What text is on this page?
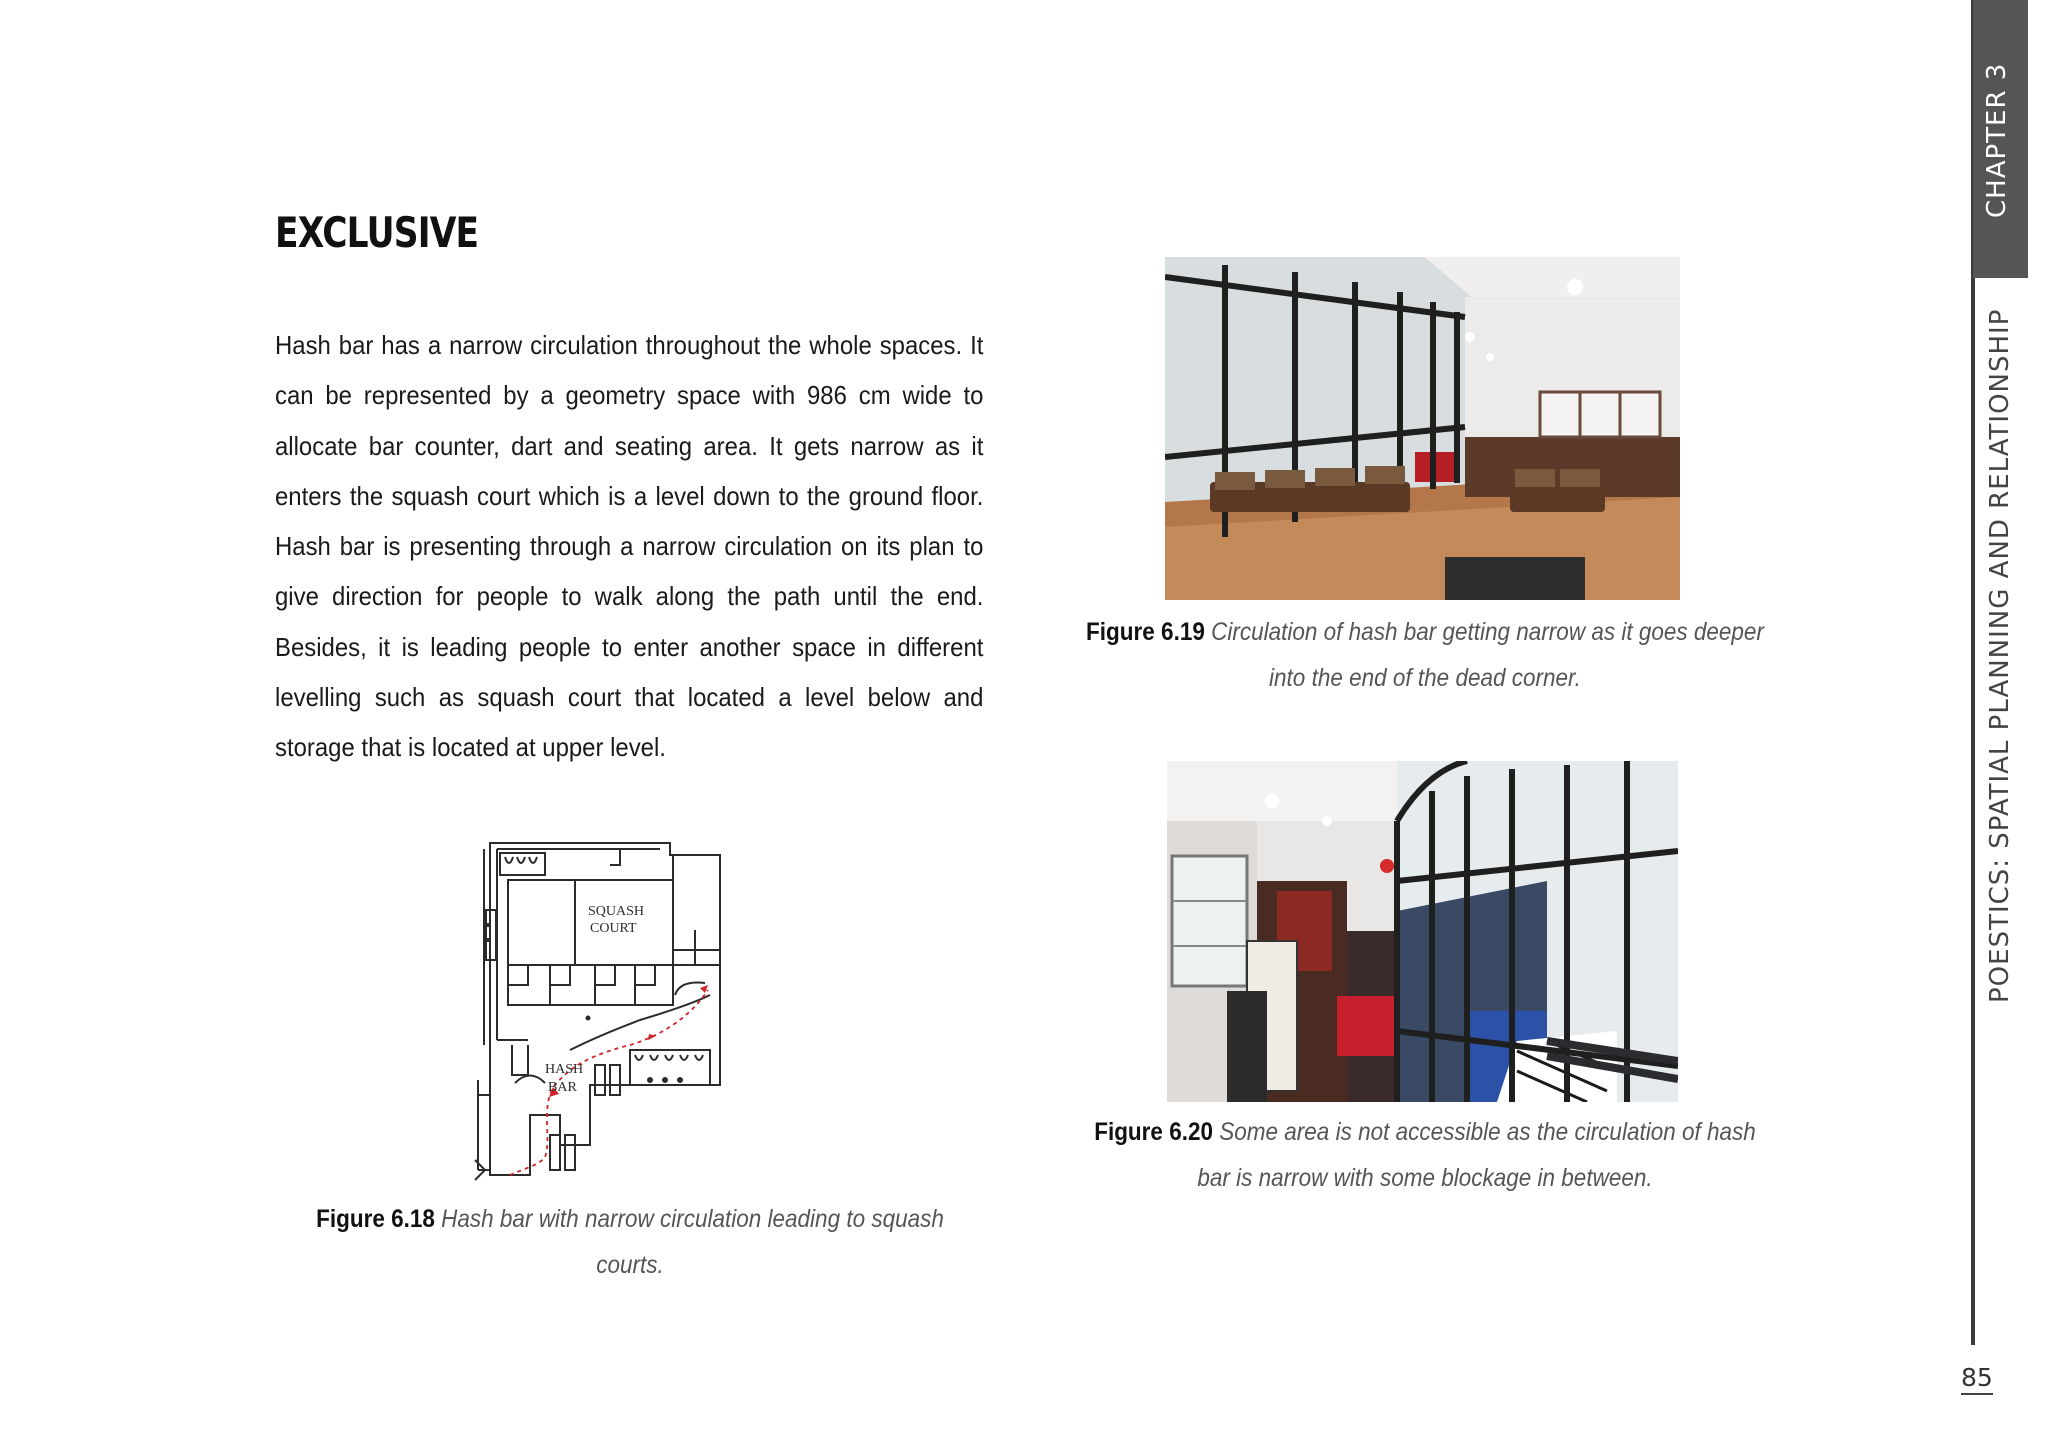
EXCLUSIVE

Hash bar has a narrow circulation throughout the whole spaces. It can be represented by a geometry space with 986 cm wide to allocate bar counter, dart and seating area. It gets narrow as it enters the squash court which is a level down to the ground floor. Hash bar is presenting through a narrow circulation on its plan to give direction for people to walk along the path until the end. Besides, it is leading people to enter another space in different levelling such as squash court that located a level below and storage that is located at upper level.

Figure 6.19 Circulation of hash bar getting narrow as it goes deeper into the end of the dead corner.
Figure 6.20 Some area is not accessible as the circulation of hash bar is narrow with some blockage in between.
SQUASH
COURT
HASH
BAR
Figure 6.18 Hash bar with narrow circulation leading to squash courts.
CHAPTER 3
POESTICS: SPATIAL PLANNING AND RELATIONSHIP
85
